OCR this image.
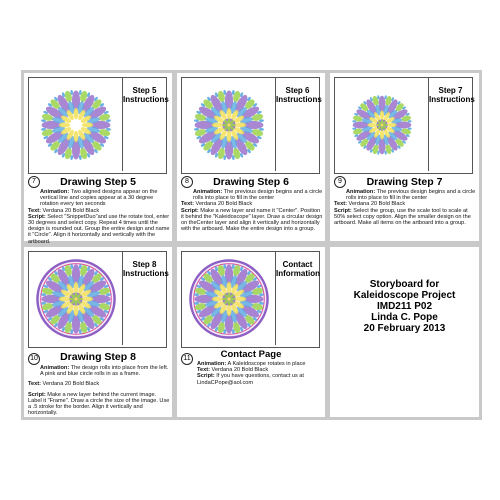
Step 5
Instructions
7	Drawing Step 5

Animation: Two aligned designs appear on the vertical line and copies appear at a 30 degree rotation every ten seconds

Text: Verdana 20 Bold Black

Script: Select "SnippetDuo"and use the rotate tool, enter 30 degrees and select copy. Repeat 4 times until the design is rounded out. Group the entire design and name it "Circle". Align it horizontally and vertically with the artboard.

Step 6
Instructions
8	Drawing Step 6

Animation: The previous design begins and a circle rolls into place to fill in the center

Text: Verdana 20 Bold Black

Script: Make a new layer and name it "Center". Position it behind the "Kaleidoscope" layer. Draw a circular design on theCenter layer and align it vertically and horizontally with the artboard. Make the entire design into a group.

Step 7
Instructions
9	Drawing Step 7

Animation: The previous design begins and a circle rolls into place to fill in the center

Text: Verdana 20 Bold Black

Script: Select the group, use the scale tool to scale at 50% select copy option. Align the smaller design on the artboard. Make all items on the artboard into a group.

Step 8
Instructions
10	Drawing Step 8

Animation: The design rolls into place from the left. A pink and blue circle rolls in as a frame.

Text: Verdana 20 Bold Black

Script: Make a new layer behind the current image. Label it "Frame". Draw a circle the size of the image. Use a .5 stroke for the border. Align it vertically and horizontally.

Contact
Information
11	Contact Page

Animation: A Kaleidoscope rotates in place

Text: Verdana 20 Bold Black

Script: If you have questions, contact us at LindaCPope@aol.com

Storyboard for
Kaleidoscope Project
IMD211 P02
Linda C. Pope
20 February 2013
